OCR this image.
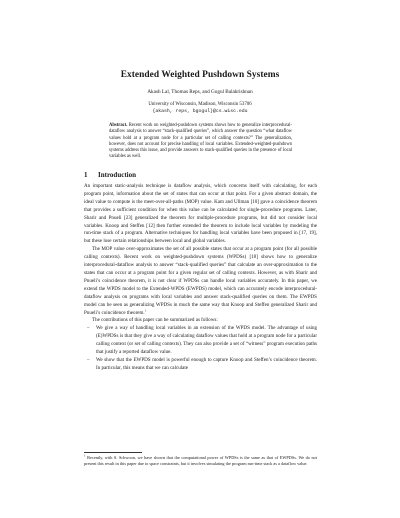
Extended Weighted Pushdown Systems
Akash Lal, Thomas Reps, and Gogul Balakrishnan
University of Wisconsin, Madison, Wisconsin 53706
{akash, reps, bgogul}@cs.wisc.edu
Abstract. Recent work on weighted-pushdown systems shows how to generalize interprocedural-dataflow analysis to answer “stack-qualified queries”, which answer the question “what dataflow values hold at a program node for a particular set of calling contexts?” The generalization, however, does not account for precise handling of local variables. Extended-weighted-pushdown systems address this issue, and provide answers to stack-qualified queries in the presence of local variables as well.
1 Introduction

An important static-analysis technique is dataflow analysis, which concerns itself with calculating, for each program point, information about the set of states that can occur at that point. For a given abstract domain, the ideal value to compute is the meet-over-all-paths (MOP) value. Kam and Ullman [10] gave a coincidence theorem that provides a sufficient condition for when this value can be calculated for single-procedure programs. Later, Sharir and Pnueli [23] generalized the theorem for multiple-procedure programs, but did not consider local variables. Knoop and Steffen [12] then further extended the theorem to include local variables by modeling the run-time stack of a program. Alternative techniques for handling local variables have been proposed in [17, 19], but these lose certain relationships between local and global variables.

The MOP value over-approximates the set of all possible states that occur at a program point (for all possible calling contexts). Recent work on weighted-pushdown systems (WPDSs) [18] shows how to generalize interprocedural-dataflow analysis to answer “stack-qualified queries” that calculate an over-approximation to the states that can occur at a program point for a given regular set of calling contexts. However, as with Sharir and Pnueli’s coincidence theorem, it is not clear if WPDSs can handle local variables accurately. In this paper, we extend the WPDS model to the Extended-WPDS (EWPDS) model, which can accurately encode interprocedural-dataflow analysis on programs with local variables and answer stack-qualified queries on them. The EWPDS model can be seen as generalizing WPDSs in much the same way that Knoop and Steffen generalized Sharir and Pnueli’s coincidence theorem.$^1$

The contributions of this paper can be summarized as follows:

– We give a way of handling local variables in an extension of the WPDS model. The advantage of using (E)WPDSs is that they give a way of calculating dataflow values that hold at a program node for a particular calling context (or set of calling contexts). They can also provide a set of “witness” program execution paths that justify a reported dataflow value.

– We show that the EWPDS model is powerful enough to capture Knoop and Steffen’s coincidence theorem. In particular, this means that we can calculate

$^1$ Recently, with S. Schwoon, we have shown that the computational power of WPDSs is the same as that of EWPDSs. We do not present this result in this paper due to space constraints, but it involves simulating the program run-time stack as a dataflow value.
